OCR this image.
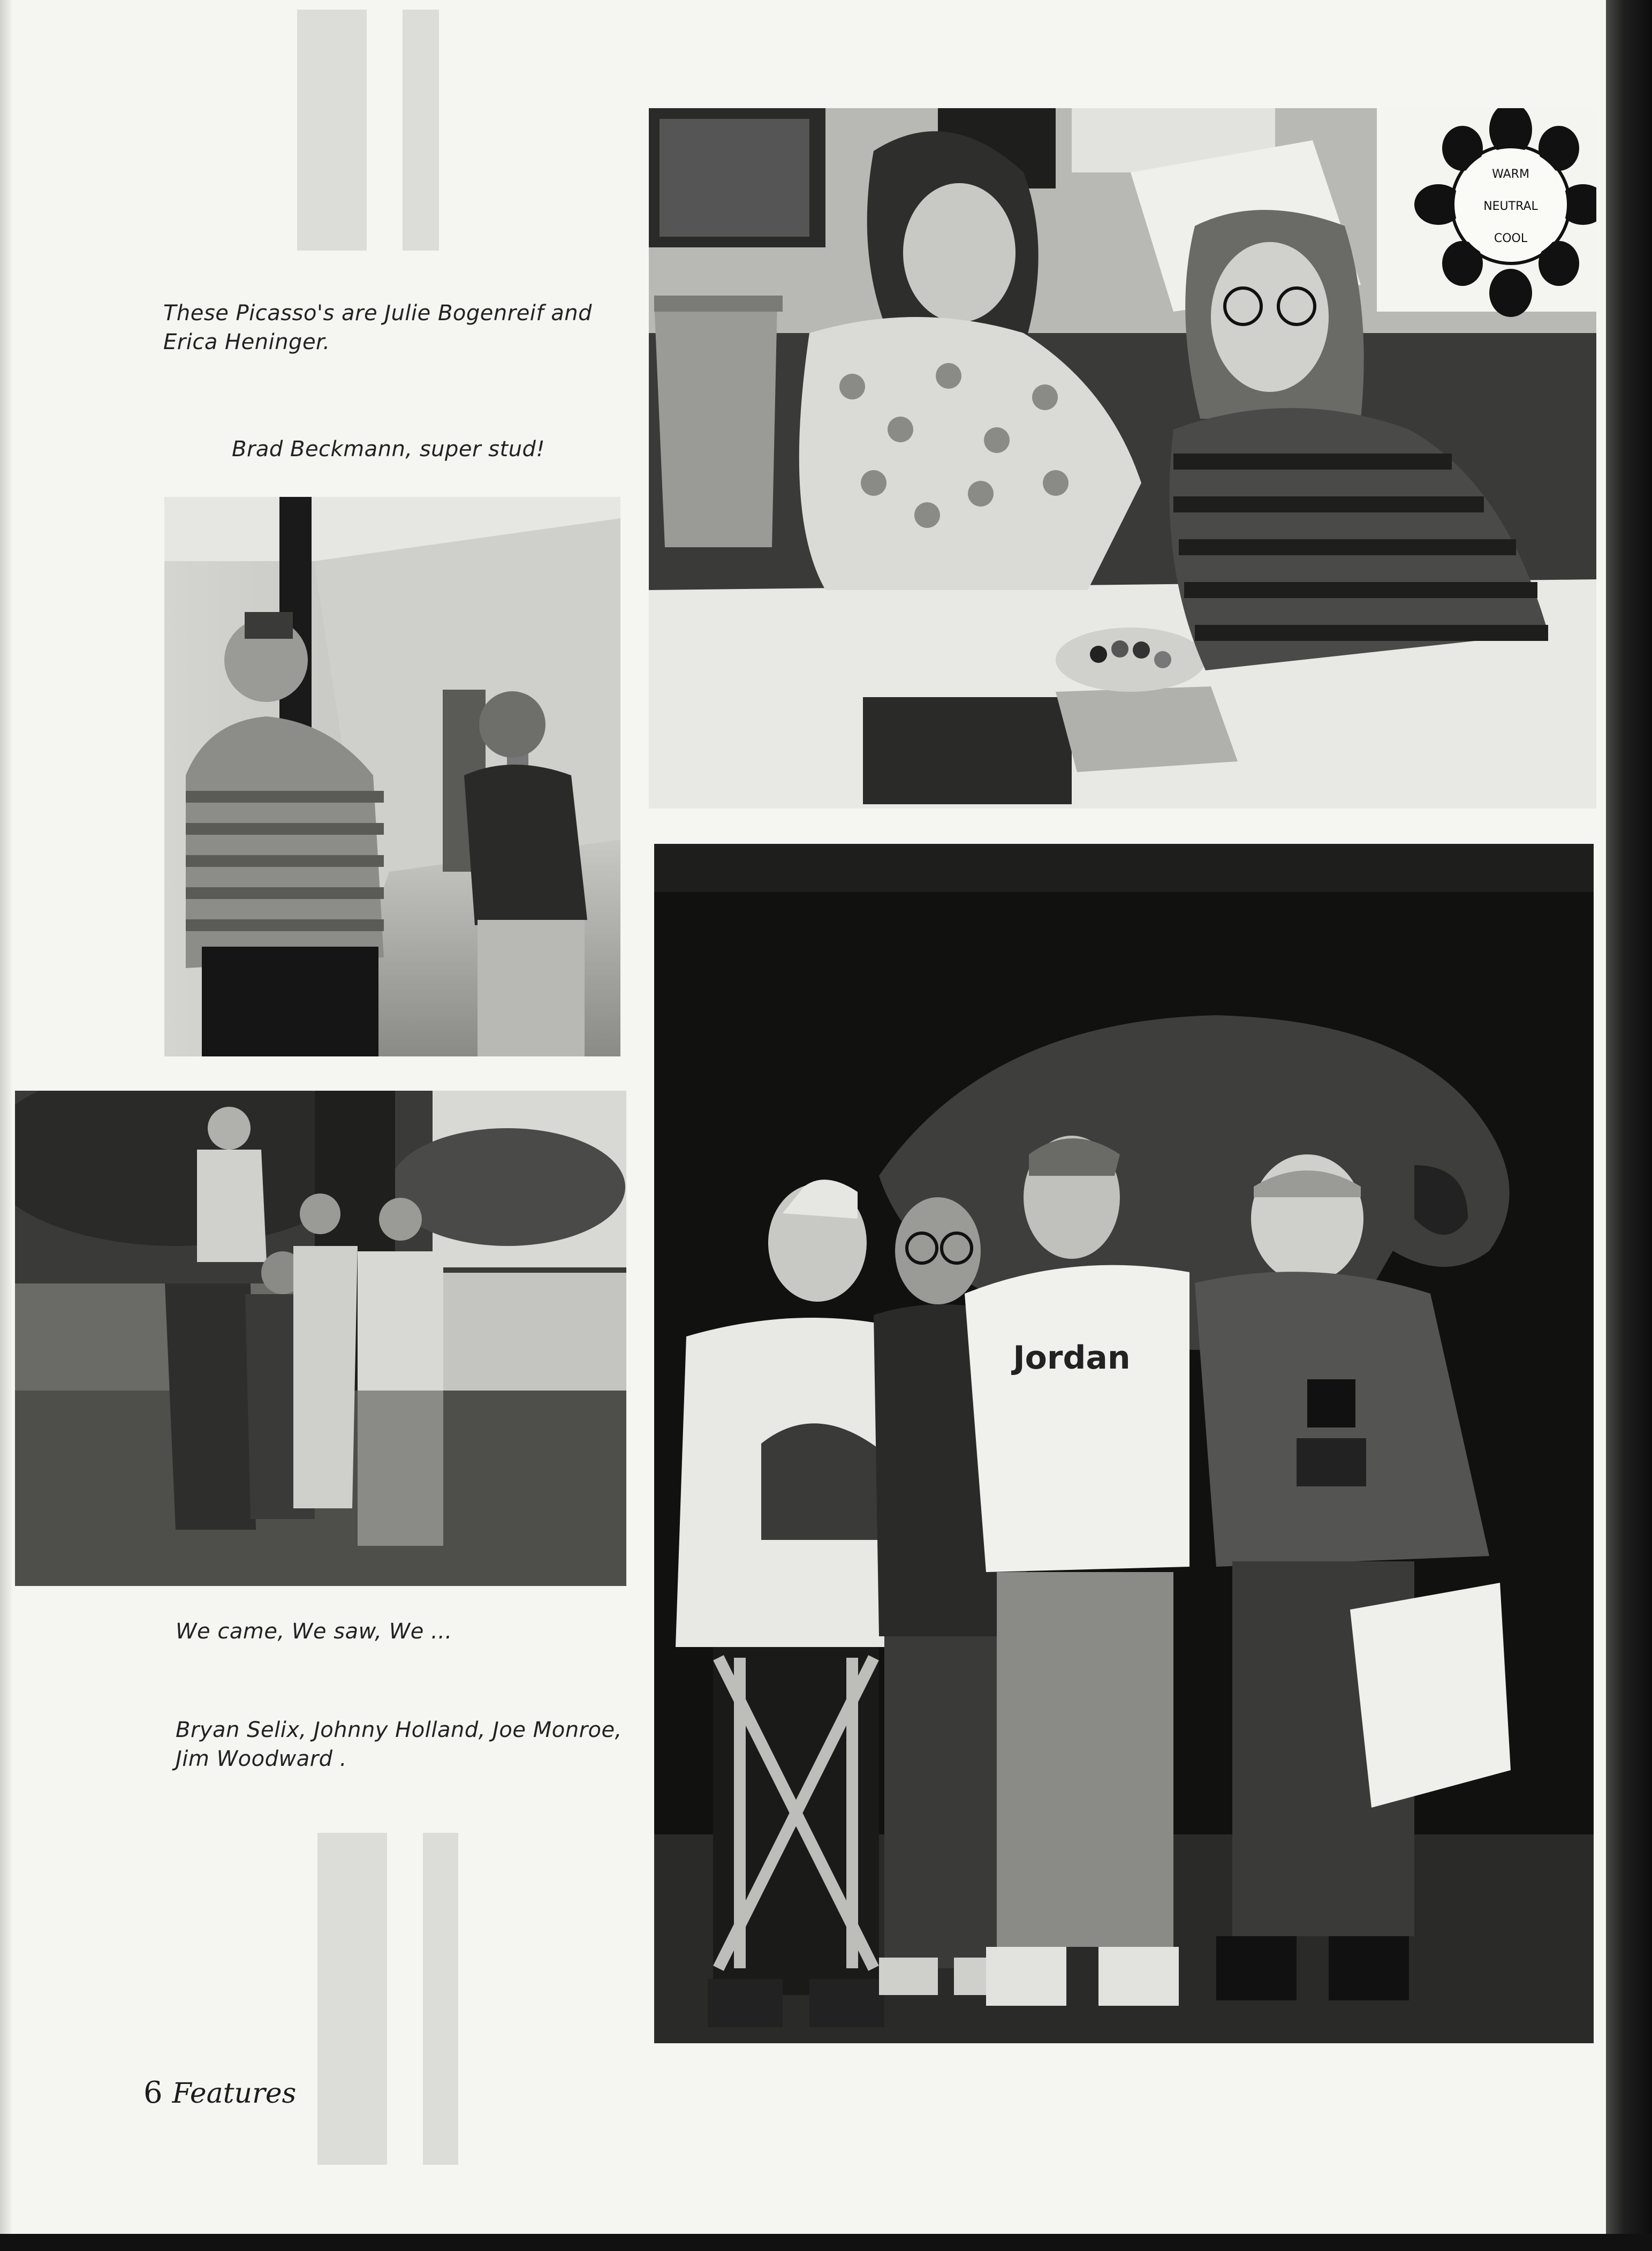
These Picasso's are Julie Bogenreif and Erica Heninger.
Brad Beckmann, super stud!
We came, We saw, We ...
Bryan Selix, Johnny Holland, Joe Monroe, Jim Woodward .
WARM
NEUTRAL
COOL
Jordan
6 Features
